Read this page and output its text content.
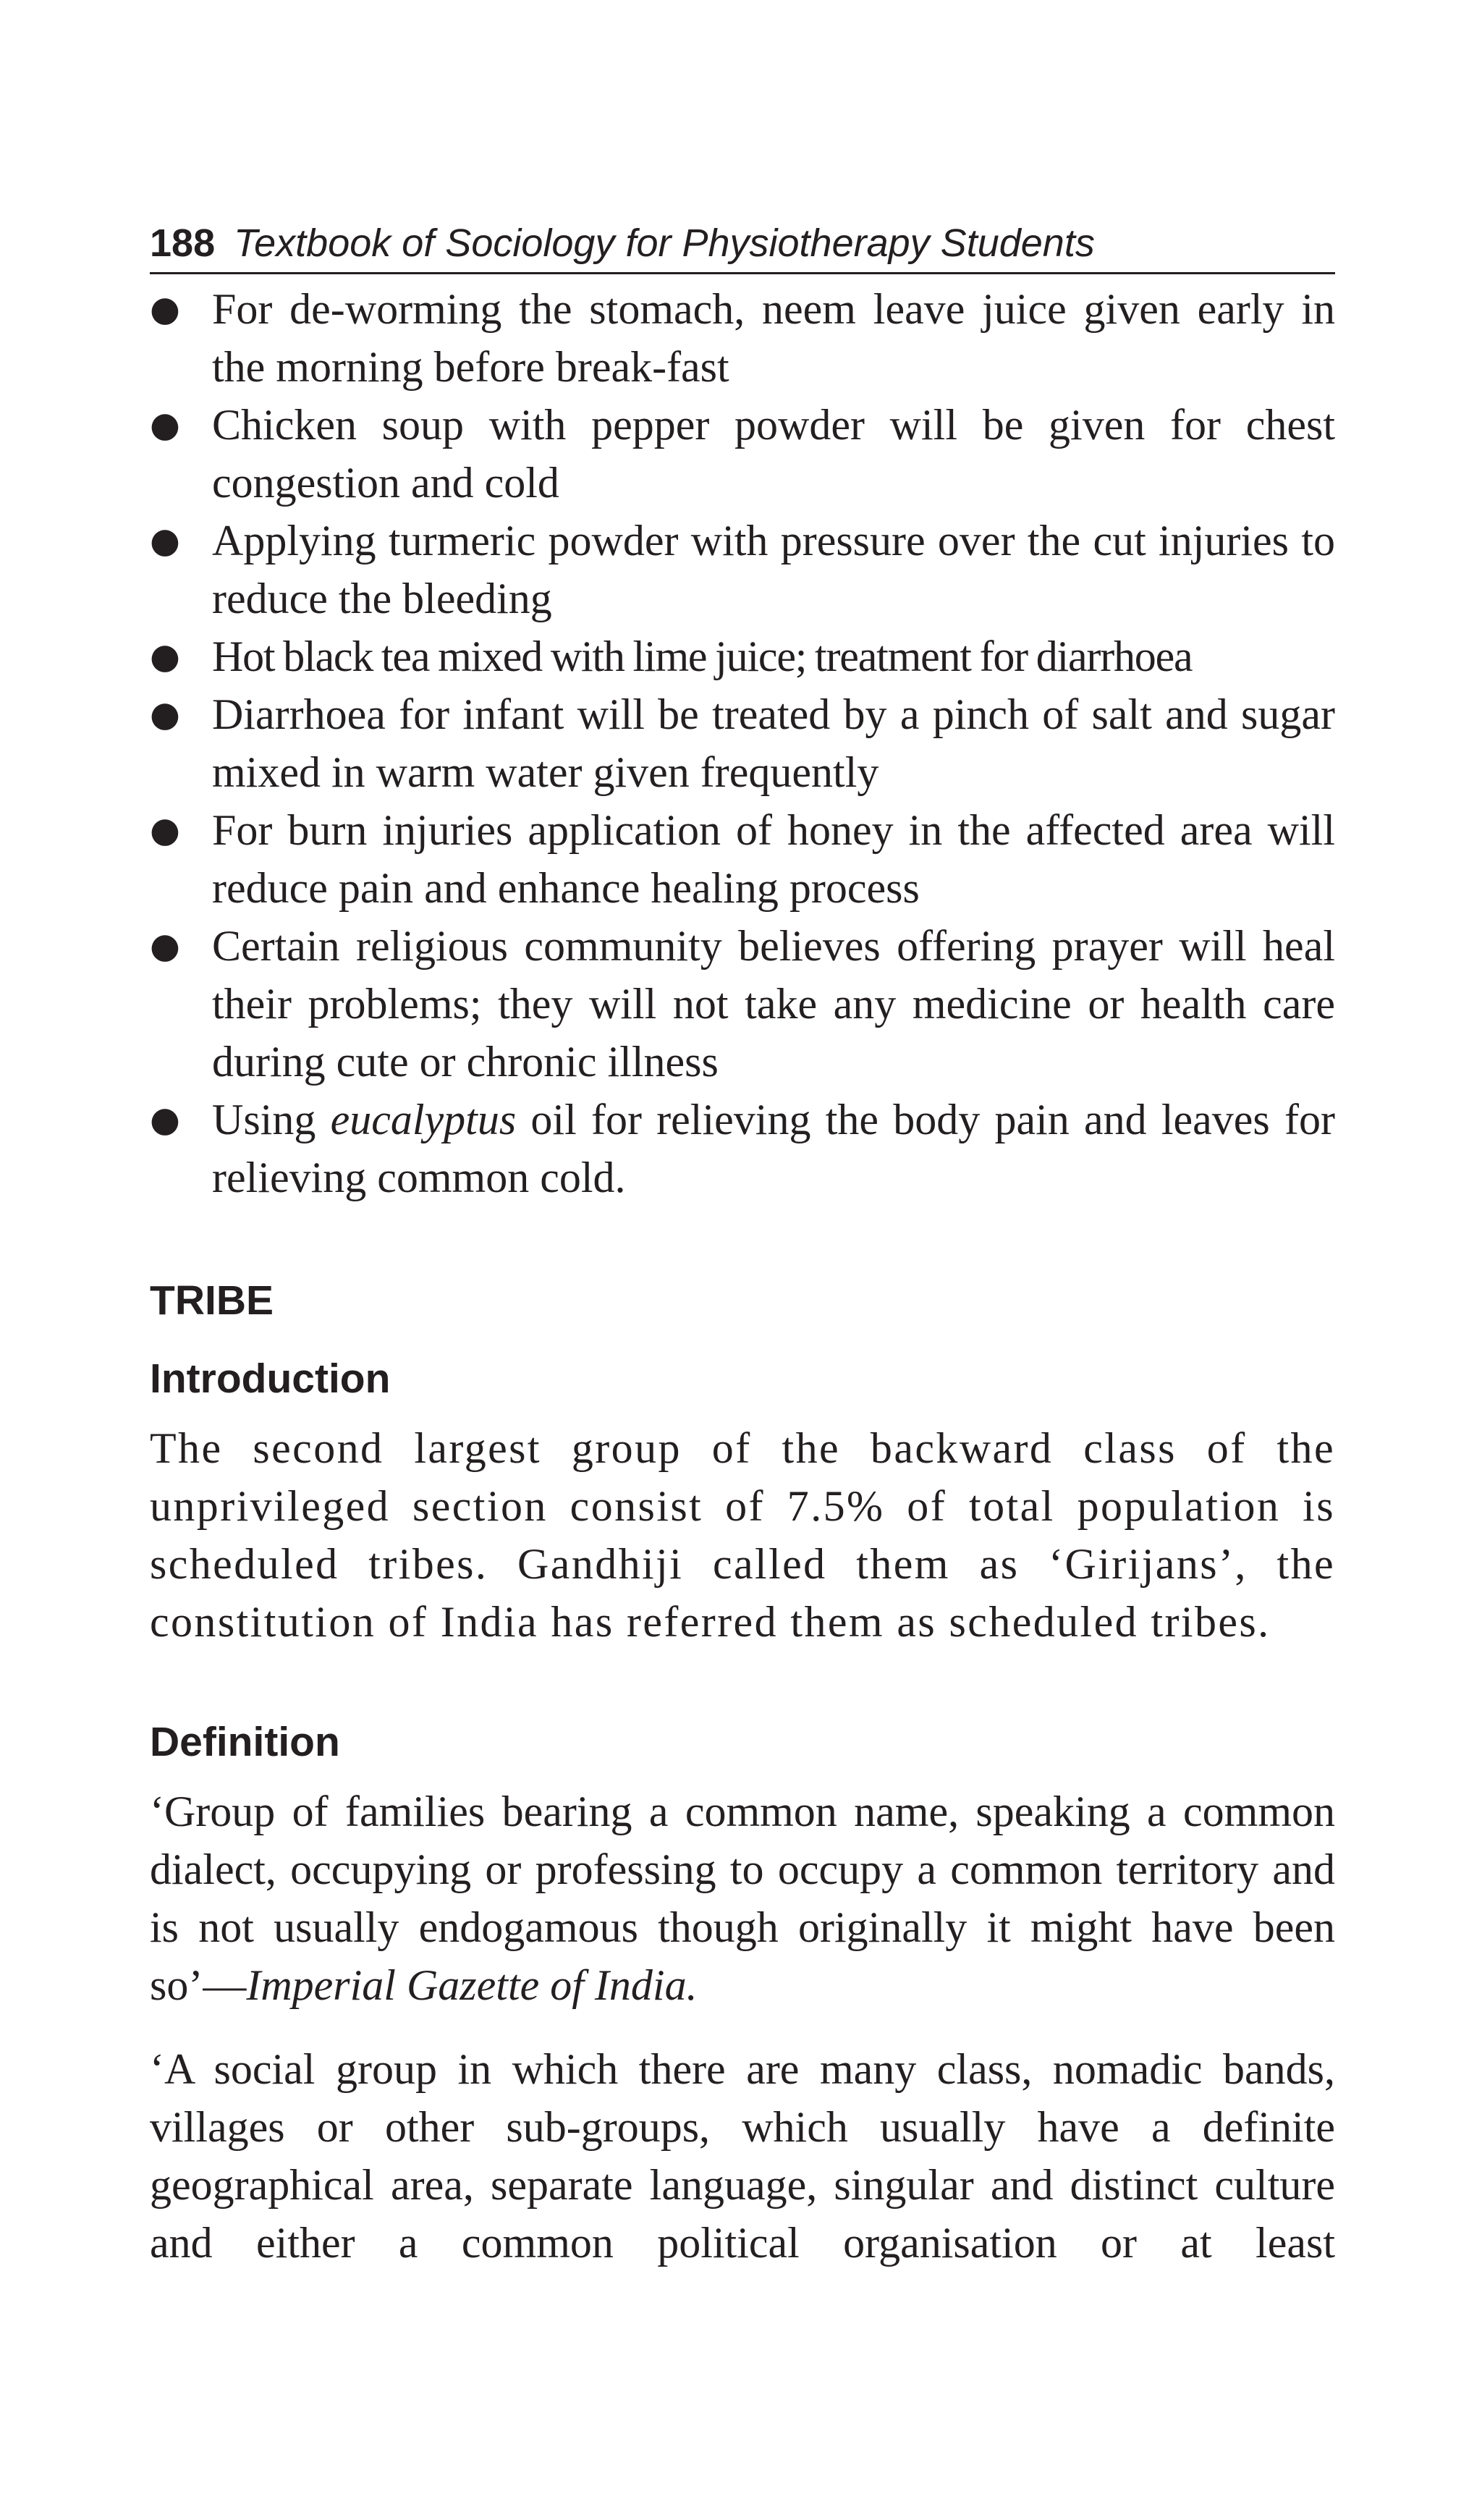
188 Textbook of Sociology for Physiotherapy Students
● For de-worming the stomach, neem leave juice given early in the morning before break-fast
● Chicken soup with pepper powder will be given for chest congestion and cold
● Applying turmeric powder with pressure over the cut injuries to reduce the bleeding
● Hot black tea mixed with lime juice; treatment for diarrhoea
● Diarrhoea for infant will be treated by a pinch of salt and sugar mixed in warm water given frequently
● For burn injuries application of honey in the affected area will reduce pain and enhance healing process
● Certain religious community believes offering prayer will heal their problems; they will not take any medicine or health care during cute or chronic illness
● Using eucalyptus oil for relieving the body pain and leaves for relieving common cold.
TRIBE
Introduction

The second largest group of the backward class of the unprivileged section consist of 7.5% of total population is scheduled tribes. Gandhiji called them as ‘Girijans’, the constitution of India has referred them as scheduled tribes.

Definition

‘Group of families bearing a common name, speaking a common dialect, occupying or professing to occupy a common territory and is not usually endogamous though originally it might have been so’—Imperial Gazette of India.

‘A social group in which there are many class, nomadic bands, villages or other sub-groups, which usually have a definite geographical area, separate language, singular and distinct culture and either a common political organisation or at least
